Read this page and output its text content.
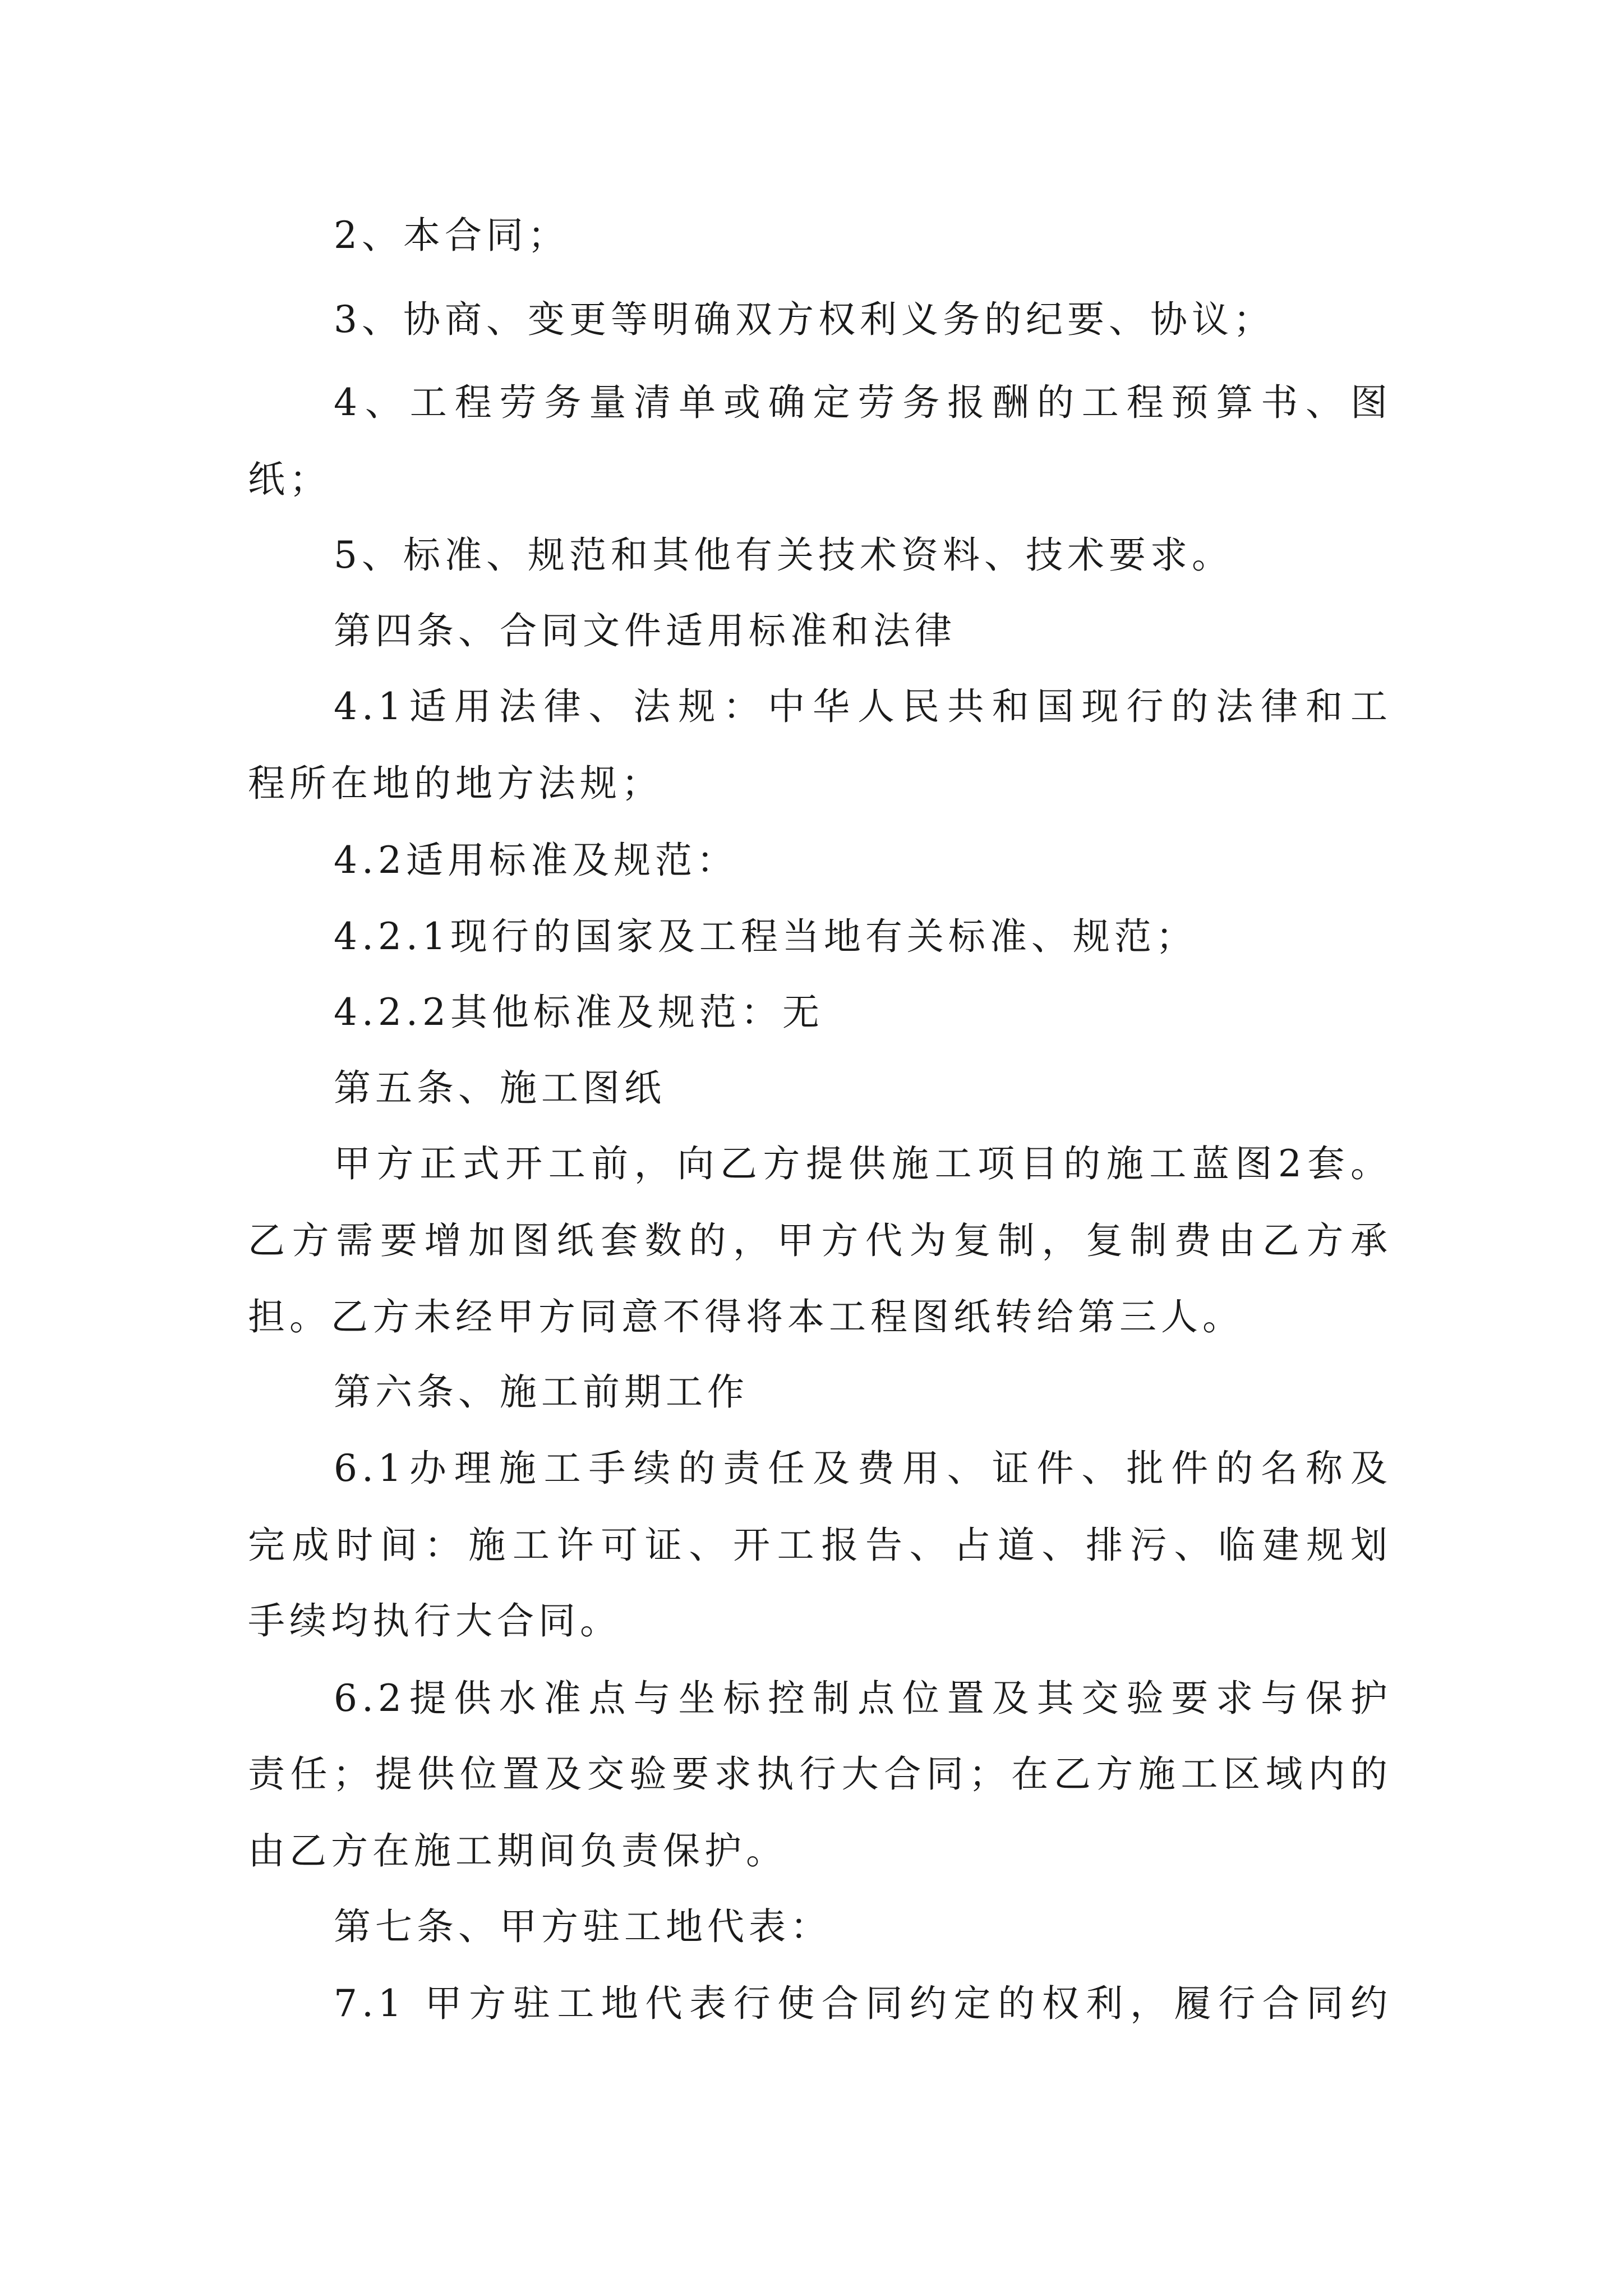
2、本合同；
3、协商、变更等明确双方权利义务的纪要、协议；
4、工程劳务量清单或确定劳务报酬的工程预算书、图
纸；
5、标准、规范和其他有关技术资料、技术要求。
第四条、合同文件适用标准和法律
4.1适用法律、法规：中华人民共和国现行的法律和工
程所在地的地方法规；
4.2适用标准及规范：
4.2.1现行的国家及工程当地有关标准、规范；
4.2.2其他标准及规范：无
第五条、施工图纸
甲方正式开工前，向乙方提供施工项目的施工蓝图2套。
乙方需要增加图纸套数的，甲方代为复制，复制费由乙方承
担。乙方未经甲方同意不得将本工程图纸转给第三人。
第六条、施工前期工作
6.1办理施工手续的责任及费用、证件、批件的名称及
完成时间：施工许可证、开工报告、占道、排污、临建规划
手续均执行大合同。
6.2提供水准点与坐标控制点位置及其交验要求与保护
责任；提供位置及交验要求执行大合同；在乙方施工区域内的
由乙方在施工期间负责保护。
第七条、甲方驻工地代表：
7.1 甲方驻工地代表行使合同约定的权利，履行合同约
